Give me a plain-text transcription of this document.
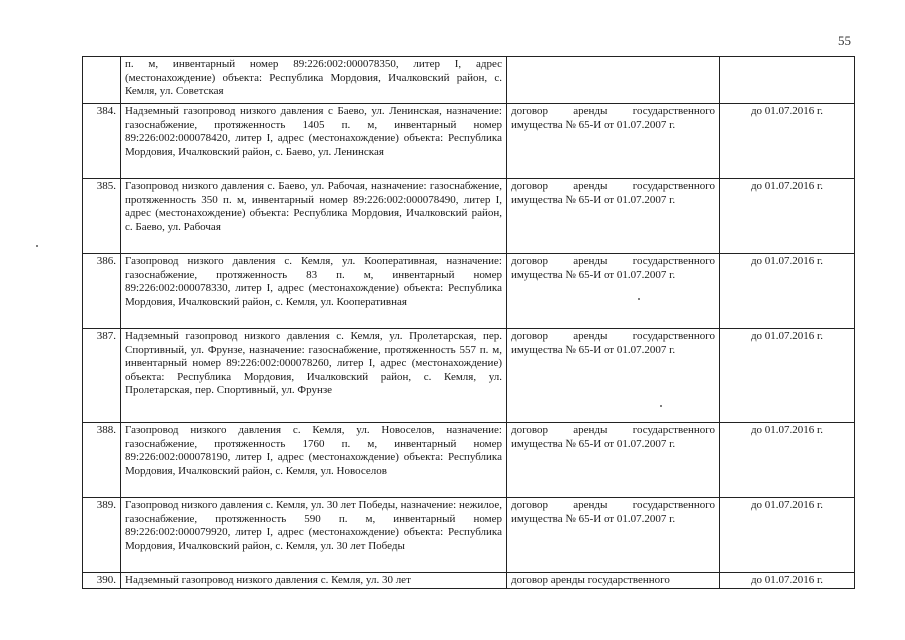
55
	п. м, инвентарный номер 89:226:002:000078350, литер I, адрес (местонахождение) объекта: Республика Мордовия, Ичалковский район, с. Кемля, ул. Советская		
384.	Надземный газопровод низкого давления с Баево, ул. Ленинская, назначение: газоснабжение, протяженность 1405 п. м, инвентарный номер 89:226:002:000078420, литер I, адрес (местонахождение) объекта: Республика Мордовия, Ичалковский район, с. Баево, ул. Ленинская	договор аренды государственного имущества № 65-И от 01.07.2007 г.	до 01.07.2016 г.
385.	Газопровод низкого давления с. Баево, ул. Рабочая, назначение: газоснабжение, протяженность 350 п. м, инвентарный номер 89:226:002:000078490, литер I, адрес (местонахождение) объекта: Республика Мордовия, Ичалковский район, с. Баево, ул. Рабочая	договор аренды государственного имущества № 65-И от 01.07.2007 г.	до 01.07.2016 г.
386.	Газопровод низкого давления с. Кемля, ул. Кооперативная, назначение: газоснабжение, протяженность 83 п. м, инвентарный номер 89:226:002:000078330, литер I, адрес (местонахождение) объекта: Республика Мордовия, Ичалковский район, с. Кемля, ул. Кооперативная	договор аренды государственного имущества № 65-И от 01.07.2007 г.	до 01.07.2016 г.
387.	Надземный газопровод низкого давления с. Кемля, ул. Пролетарская, пер. Спортивный, ул. Фрунзе, назначение: газоснабжение, протяженность 557 п. м, инвентарный номер 89:226:002:000078260, литер I, адрес (местонахождение) объекта: Республика Мордовия, Ичалковский район, с. Кемля, ул. Пролетарская, пер. Спортивный, ул. Фрунзе	договор аренды государственного имущества № 65-И от 01.07.2007 г.	до 01.07.2016 г.
388.	Газопровод низкого давления с. Кемля, ул. Новоселов, назначение: газоснабжение, протяженность 1760 п. м, инвентарный номер 89:226:002:000078190, литер I, адрес (местонахождение) объекта: Республика Мордовия, Ичалковский район, с. Кемля, ул. Новоселов	договор аренды государственного имущества № 65-И от 01.07.2007 г.	до 01.07.2016 г.
389.	Газопровод низкого давления с. Кемля, ул. 30 лет Победы, назначение: нежилое, газоснабжение, протяженность 590 п. м, инвентарный номер 89:226:002:000079920, литер I, адрес (местонахождение) объекта: Республика Мордовия, Ичалковский район, с. Кемля, ул. 30 лет Победы	договор аренды государственного имущества № 65-И от 01.07.2007 г.	до 01.07.2016 г.
390.	Надземный газопровод низкого давления с. Кемля, ул. 30 лет	договор аренды государственного	до 01.07.2016 г.
